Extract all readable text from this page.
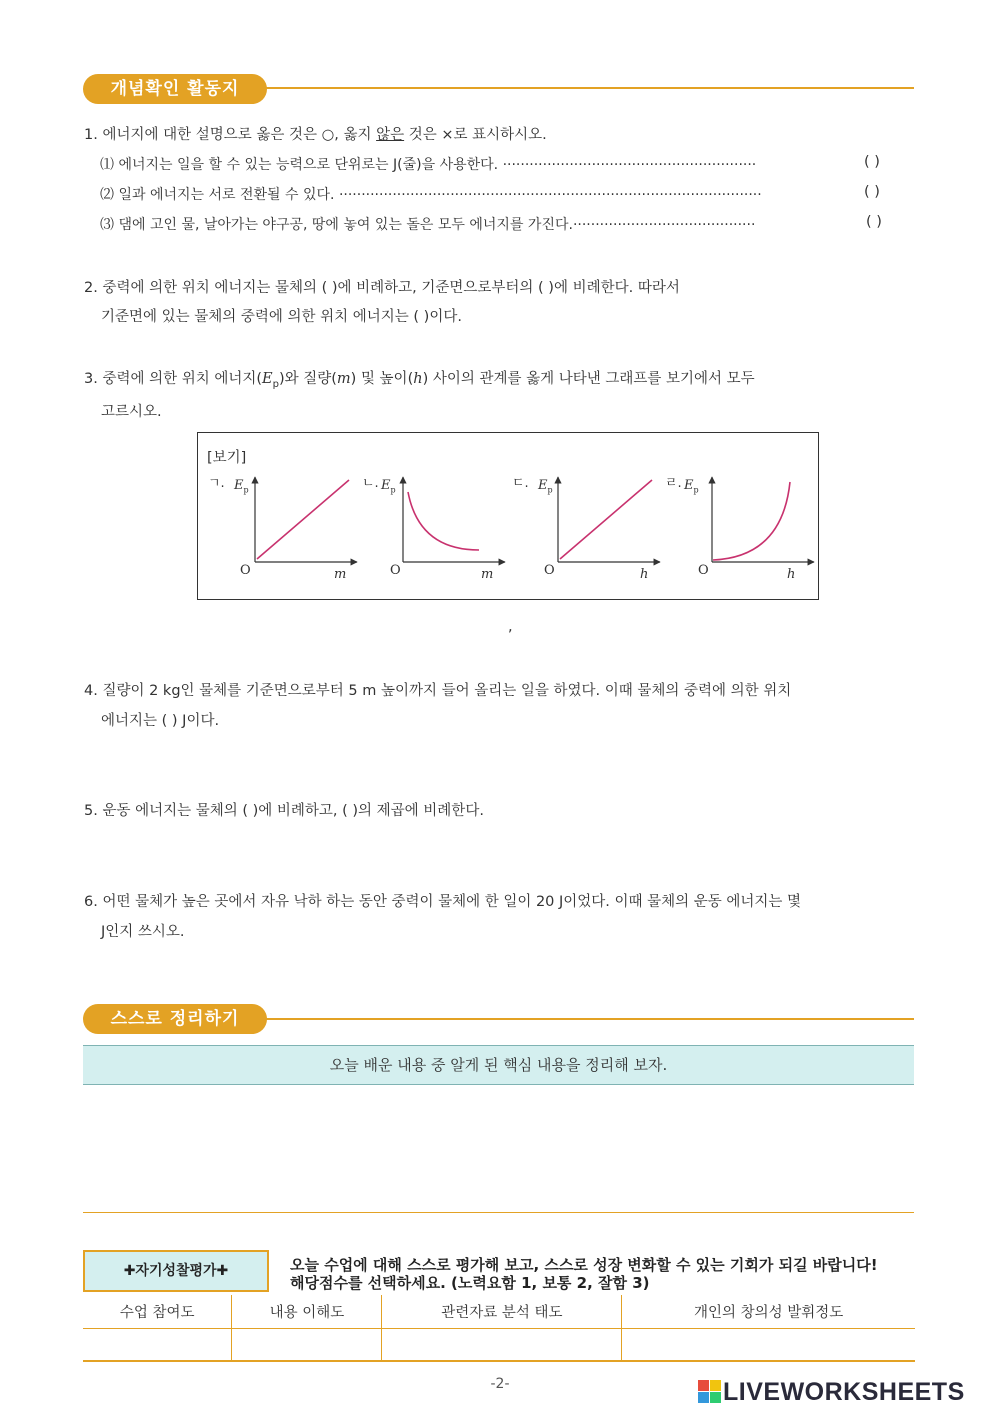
개념확인 활동지
1. 에너지에 대한 설명으로 옳은 것은 ○, 옳지 않은 것은 ×로 표시하시오.
⑴ 에너지는 일을 할 수 있는 능력으로 단위로는 J(줄)을 사용한다. ·························································	( )
⑵ 일과 에너지는 서로 전환될 수 있다. ·······························································································	( )
⑶ 댐에 고인 물, 날아가는 야구공, 땅에 놓여 있는 돌은 모두 에너지를 가진다.·········································	( )
2. 중력에 의한 위치 에너지는 물체의 ( )에 비례하고, 기준면으로부터의 ( )에 비례한다. 따라서
기준면에 있는 물체의 중력에 의한 위치 에너지는 ( )이다.
3. 중력에 의한 위치 에너지$(E_p)$와 질량(m) 및 높이(h) 사이의 관계를 옳게 나타낸 그래프를 보기에서 모두
고르시오.
[보기]
ㄱ. $E_p$
O	m
ㄴ. $E_p$
O	m
ㄷ. $E_p$
O	h
ㄹ. $E_p$
O	h
,
4. 질량이 2 kg인 물체를 기준면으로부터 5 m 높이까지 들어 올리는 일을 하였다. 이때 물체의 중력에 의한 위치
에너지는 ( ) J이다.
5. 운동 에너지는 물체의 ( )에 비례하고, ( )의 제곱에 비례한다.
6. 어떤 물체가 높은 곳에서 자유 낙하 하는 동안 중력이 물체에 한 일이 20 J이었다. 이때 물체의 운동 에너지는 몇
J인지 쓰시오.
스스로 정리하기
오늘 배운 내용 중 알게 된 핵심 내용을 정리해 보자.
✚자기성찰평가✚	오늘 수업에 대해 스스로 평가해 보고, 스스로 성장 변화할 수 있는 기회가 되길 바랍니다!
해당점수를 선택하세요. (노력요함 1, 보통 2, 잘함 3)
수업 참여도	내용 이해도	관련자료 분석 태도	개인의 창의성 발휘정도

-2-	LIVEWORKSHEETS
